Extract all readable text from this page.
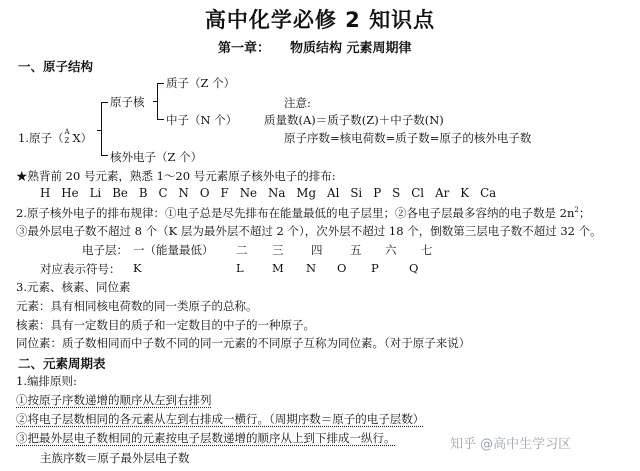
高中化学必修 2 知识点
第一章： 物质结构 元素周期律
一、原子结构
质子（Z 个）
原子核	注意:
中子（N 个） 质量数(A)＝质子数(Z)＋中子数(N)
1.原子（ A
Z X）	原子序数=核电荷数=质子数=原子的核外电子数
核外电子（Z 个）
★熟背前 20 号元素，熟悉 1～20 号元素原子核外电子的排布:
H He Li Be B C N O F Ne Na Mg Al Si P S Cl Ar K Ca
2.原子核外电子的排布规律：①电子总是尽先排布在能量最低的电子层里；②各电子层最多容纳的电子数是 $2n^2$；
③最外层电子数不超过 8 个（K 层为最外层不超过 2 个），次外层不超过 18 个，倒数第三层电子数不超过 32 个。
电子层： 一（能量最低） 二 三 四 五 六 七
对应表示符号： K	L M N O P	Q
3.元素、核素、同位素
元素：具有相同核电荷数的同一类原子的总称。
核素：具有一定数目的质子和一定数目的中子的一种原子。
同位素：质子数相同而中子数不同的同一元素的不同原子互称为同位素。（对于原子来说）
二、元素周期表
1.编排原则:
①按原子序数递增的顺序从左到右排列
②将电子层数相同的各元素从左到右排成一横行。（周期序数＝原子的电子层数）
③把最外层电子数相同的元素按电子层数递增的顺序从上到下排成一纵行。
主族序数＝原子最外层电子数
知乎 @高中生学习区
